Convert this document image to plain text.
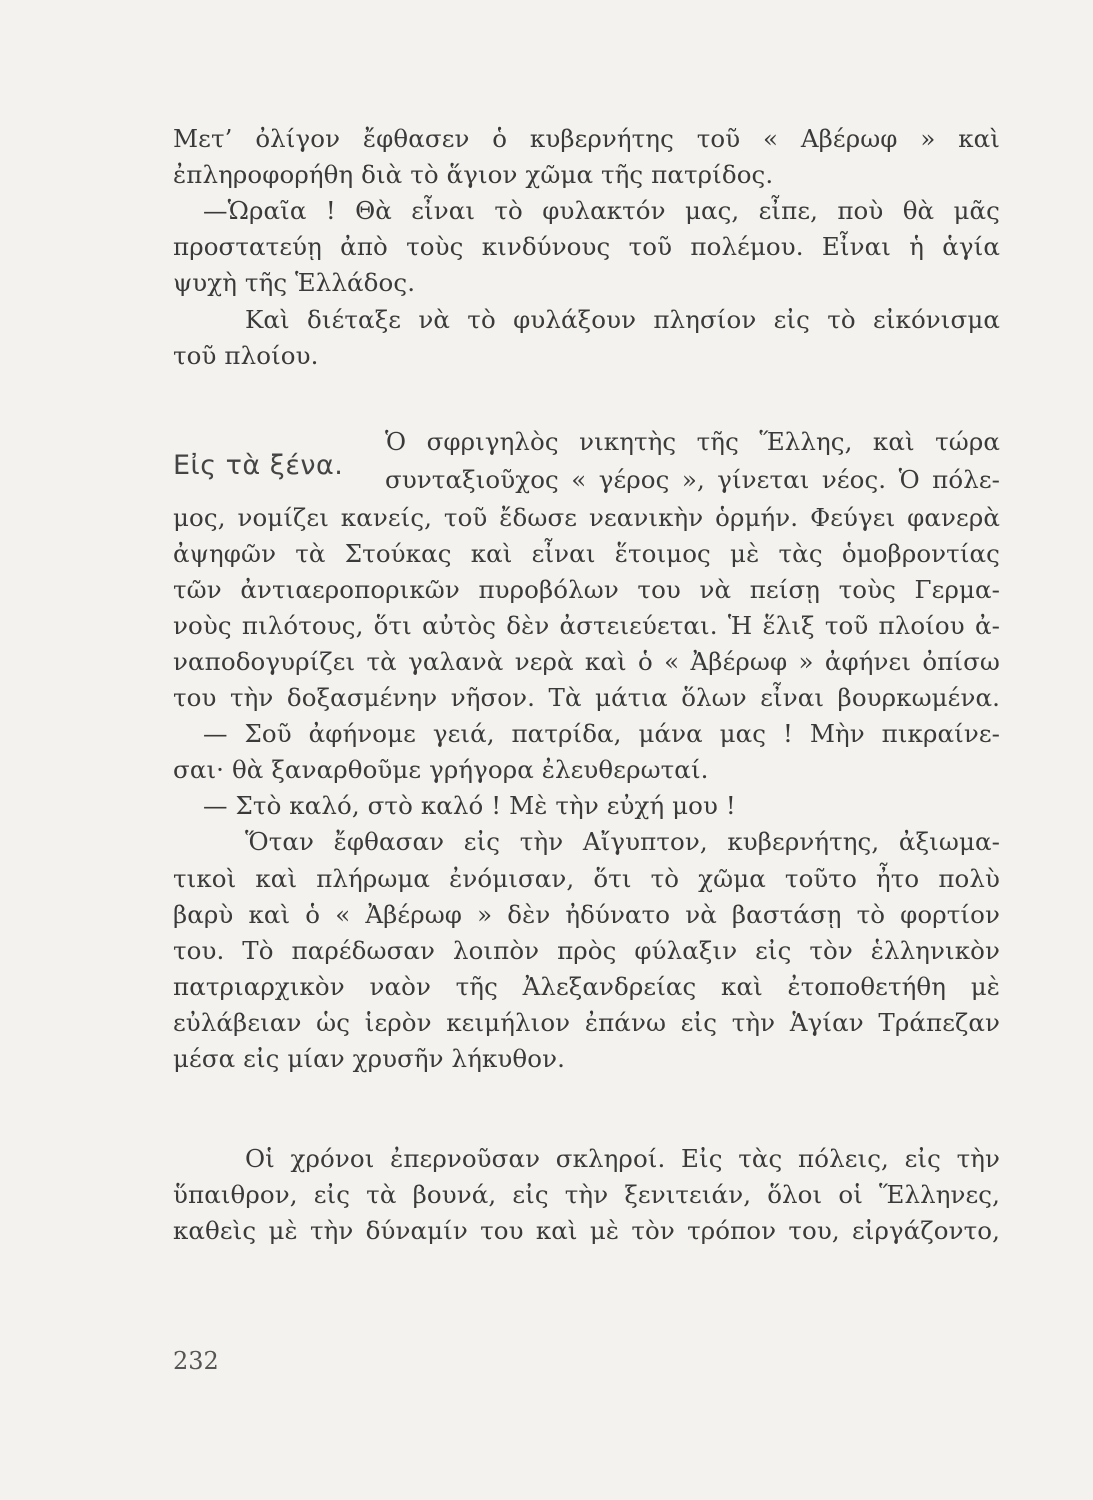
Μετ’ ὀλίγον ἔφθασεν ὁ κυβερνήτης τοῦ « Αβέρωφ » καὶ
ἐπληροφορήθη διὰ τὸ ἅγιον χῶμα τῆς πατρίδος.
—Ὡραῖα ! Θὰ εἶναι τὸ φυλακτόν μας, εἶπε, ποὺ θὰ μᾶς
προστατεύῃ ἀπὸ τοὺς κινδύνους τοῦ πολέμου. Εἶναι ἡ ἁγία
ψυχὴ τῆς Ἑλλάδος.
Καὶ διέταξε νὰ τὸ φυλάξουν πλησίον εἰς τὸ εἰκόνισμα
τοῦ πλοίου.
Εἰς τὰ ξένα.
Ὁ σφριγηλὸς νικητὴς τῆς Ἕλλης, καὶ τώρα
συνταξιοῦχος « γέρος », γίνεται νέος. Ὁ πόλε-
μος, νομίζει κανείς, τοῦ ἔδωσε νεανικὴν ὁρμήν. Φεύγει φανερὰ
ἀψηφῶν τὰ Στούκας καὶ εἶναι ἕτοιμος μὲ τὰς ὁμοβροντίας
τῶν ἀντιαεροπορικῶν πυροβόλων του νὰ πείσῃ τοὺς Γερμα-
νοὺς πιλότους, ὅτι αὐτὸς δὲν ἀστειεύεται. Ἡ ἕλιξ τοῦ πλοίου ἀ-
ναποδογυρίζει τὰ γαλανὰ νερὰ καὶ ὁ « Ἀβέρωφ » ἀφήνει ὀπίσω
του τὴν δοξασμένην νῆσον. Τὰ μάτια ὅλων εἶναι βουρκωμένα.
— Σοῦ ἀφήνομε γειά, πατρίδα, μάνα μας ! Μὴν πικραίνε-
σαι· θὰ ξαναρθοῦμε γρήγορα ἐλευθερωταί.
— Στὸ καλό, στὸ καλό ! Μὲ τὴν εὐχή μου !
Ὅταν ἔφθασαν εἰς τὴν Αἴγυπτον, κυβερνήτης, ἀξιωμα-
τικοὶ καὶ πλήρωμα ἐνόμισαν, ὅτι τὸ χῶμα τοῦτο ἦτο πολὺ
βαρὺ καὶ ὁ « Ἀβέρωφ » δὲν ἠδύνατο νὰ βαστάσῃ τὸ φορτίον
του. Τὸ παρέδωσαν λοιπὸν πρὸς φύλαξιν εἰς τὸν ἑλληνικὸν
πατριαρχικὸν ναὸν τῆς Ἀλεξανδρείας καὶ ἐτοποθετήθη μὲ
εὐλάβειαν ὡς ἱερὸν κειμήλιον ἐπάνω εἰς τὴν Ἁγίαν Τράπεζαν
μέσα εἰς μίαν χρυσῆν λήκυθον.
Οἱ χρόνοι ἐπερνοῦσαν σκληροί. Εἰς τὰς πόλεις, εἰς τὴν
ὕπαιθρον, εἰς τὰ βουνά, εἰς τὴν ξενιτειάν, ὅλοι οἱ Ἕλληνες,
καθεὶς μὲ τὴν δύναμίν του καὶ μὲ τὸν τρόπον του, εἰργάζοντο,
232
